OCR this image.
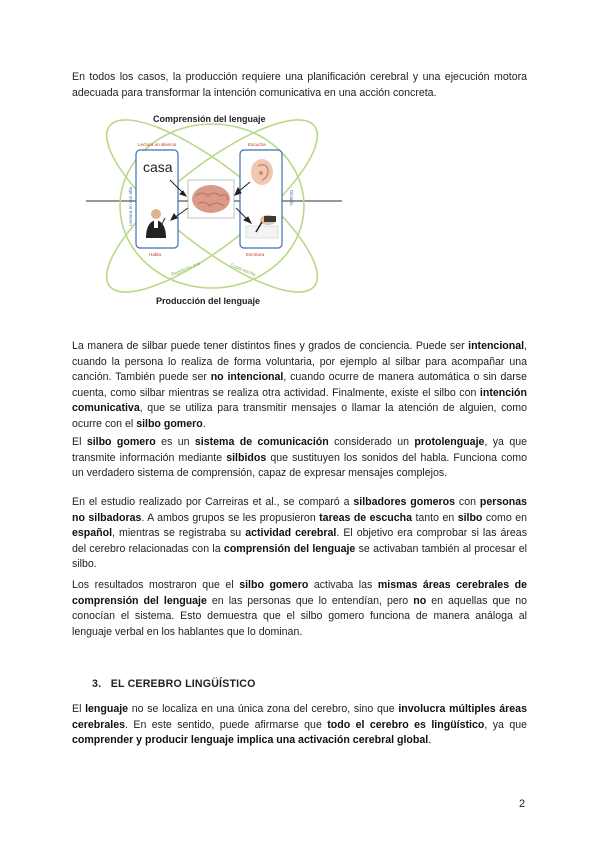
En todos los casos, la producción requiere una planificación cerebral y una ejecución motora adecuada para transformar la intención comunicativa en una acción concreta.

Comprensión del lenguaje
Producción del lenguaje
Lectura en silencio
casa
Habla
Escucha
Escritura
Lectura en voz alta	Dictado
Repetición oral	Copia escrita

La manera de silbar puede tener distintos fines y grados de conciencia. Puede ser intencional, cuando la persona lo realiza de forma voluntaria, por ejemplo al silbar para acompañar una canción. También puede ser no intencional, cuando ocurre de manera automática o sin darse cuenta, como silbar mientras se realiza otra actividad. Finalmente, existe el silbo con intención comunicativa, que se utiliza para transmitir mensajes o llamar la atención de alguien, como ocurre con el silbo gomero.

El silbo gomero es un sistema de comunicación considerado un protolenguaje, ya que transmite información mediante silbidos que sustituyen los sonidos del habla. Funciona como un verdadero sistema de comprensión, capaz de expresar mensajes complejos.

En el estudio realizado por Carreiras et al., se comparó a silbadores gomeros con personas no silbadoras. A ambos grupos se les propusieron tareas de escucha tanto en silbo como en español, mientras se registraba su actividad cerebral. El objetivo era comprobar si las áreas del cerebro relacionadas con la comprensión del lenguaje se activaban también al procesar el silbo.

Los resultados mostraron que el silbo gomero activaba las mismas áreas cerebrales de comprensión del lenguaje en las personas que lo entendían, pero no en aquellas que no conocían el sistema. Esto demuestra que el silbo gomero funciona de manera análoga al lenguaje verbal en los hablantes que lo dominan.

3. EL CEREBRO LINGÜÍSTICO

El lenguaje no se localiza en una única zona del cerebro, sino que involucra múltiples áreas cerebrales. En este sentido, puede afirmarse que todo el cerebro es lingüístico, ya que comprender y producir lenguaje implica una activación cerebral global.

2
